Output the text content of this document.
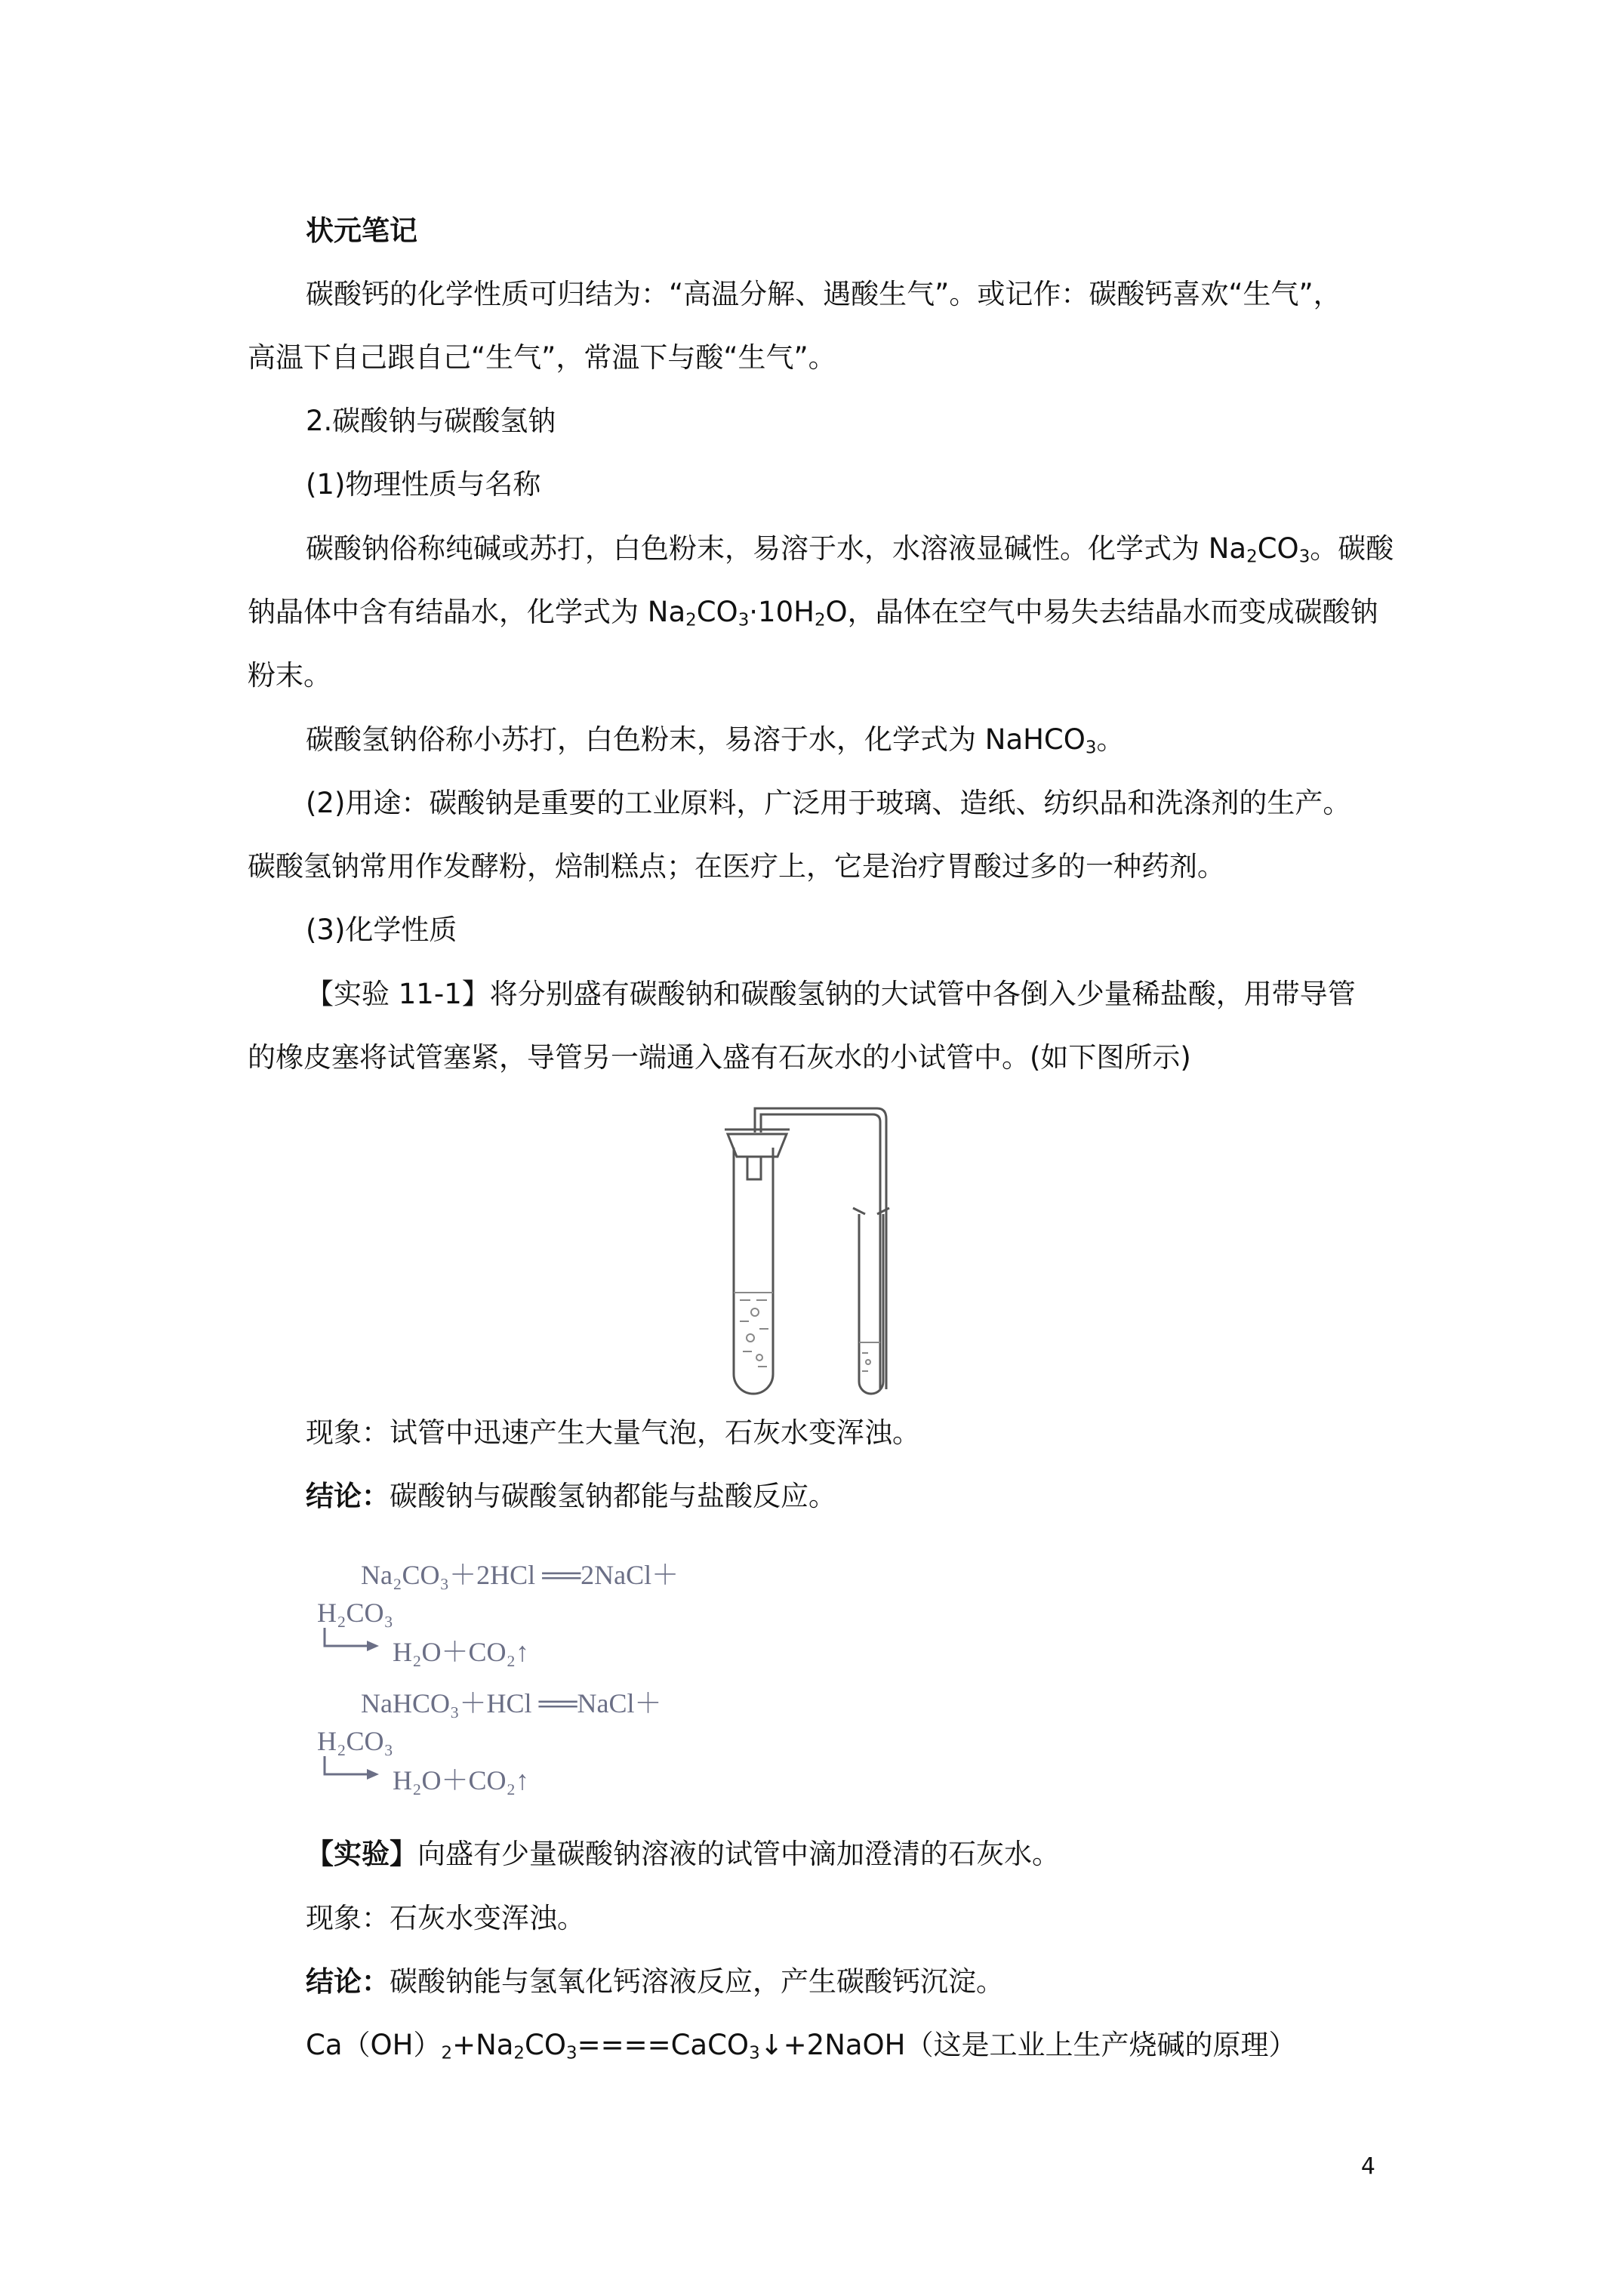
状元笔记
碳酸钙的化学性质可归结为：“高温分解、遇酸生气”。或记作：碳酸钙喜欢“生气”，
高温下自己跟自己“生气”，常温下与酸“生气”。
2.碳酸钠与碳酸氢钠
(1)物理性质与名称
碳酸钠俗称纯碱或苏打，白色粉末，易溶于水，水溶液显碱性。化学式为 $Na_2CO_3$。碳酸
钠晶体中含有结晶水，化学式为 $Na_2CO_3\cdot 10H_2O$，晶体在空气中易失去结晶水而变成碳酸钠
粉末。
碳酸氢钠俗称小苏打，白色粉末，易溶于水，化学式为 NaHCO$_3$。
(2)用途：碳酸钠是重要的工业原料，广泛用于玻璃、造纸、纺织品和洗涤剂的生产。
碳酸氢钠常用作发酵粉，焙制糕点；在医疗上，它是治疗胃酸过多的一种药剂。
(3)化学性质
【实验 11-1】将分别盛有碳酸钠和碳酸氢钠的大试管中各倒入少量稀盐酸，用带导管
的橡皮塞将试管塞紧，导管另一端通入盛有石灰水的小试管中。(如下图所示)
现象：试管中迅速产生大量气泡，石灰水变浑浊。
结论：碳酸钠与碳酸氢钠都能与盐酸反应。
Na₂CO₃＋2HCl ══2NaCl＋
H₂CO₃
H₂O＋CO₂↑
NaHCO₃＋HCl ══NaCl＋
H₂CO₃
H₂O＋CO₂↑
【实验】向盛有少量碳酸钠溶液的试管中滴加澄清的石灰水。
现象：石灰水变浑浊。
结论：碳酸钠能与氢氧化钙溶液反应，产生碳酸钙沉淀。
$Ca(OH)_2+Na_2CO_3====CaCO_3↓+2NaOH$（这是工业上生产烧碱的原理）
4
